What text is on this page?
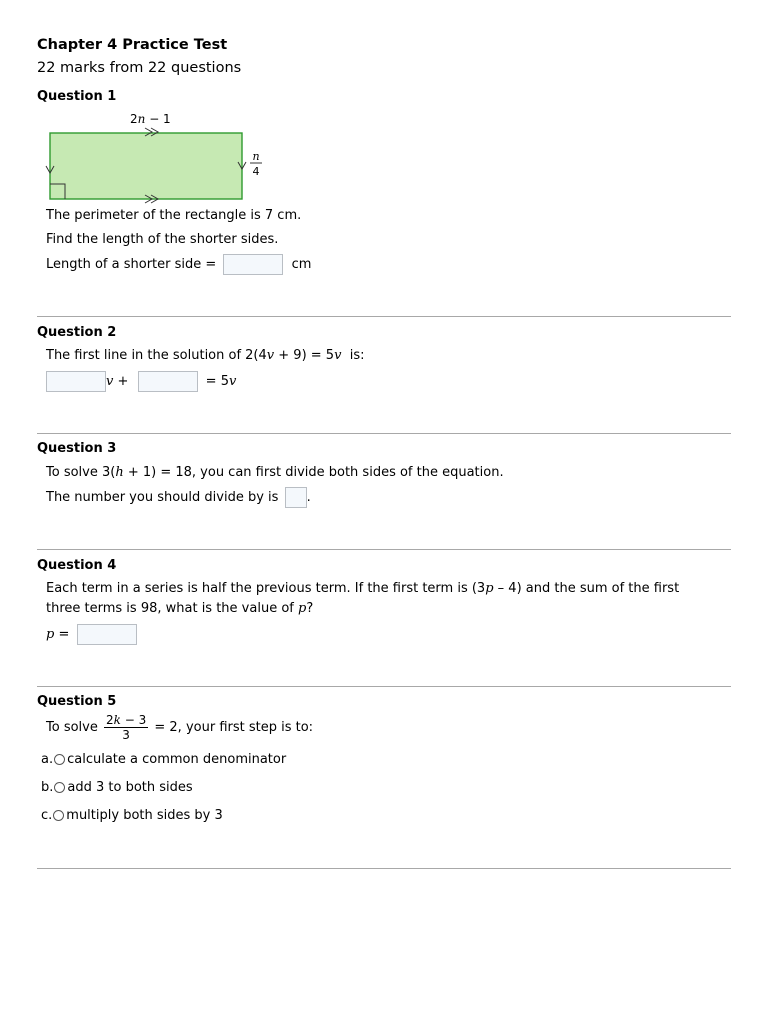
Chapter 4 Practice Test
22 marks from 22 questions
Question 1
2n − 1
n
4
The perimeter of the rectangle is 7 cm.
Find the length of the shorter sides.
Length of a shorter side =	cm
Question 2
The first line in the solution of 2(4v + 9) = 5v  is:
v +	= 5v
Question 3
To solve 3(h + 1) = 18, you can first divide both sides of the equation.
The number you should divide by is .
Question 4
Each term in a series is half the previous term. If the first term is (3p – 4) and the sum of the first
three terms is 98, what is the value of p?
p =
Question 5
To solve $\frac{2k - 3}{3} = 2$, your first step is to:
a. calculate a common denominator
b. add 3 to both sides
c. multiply both sides by 3
